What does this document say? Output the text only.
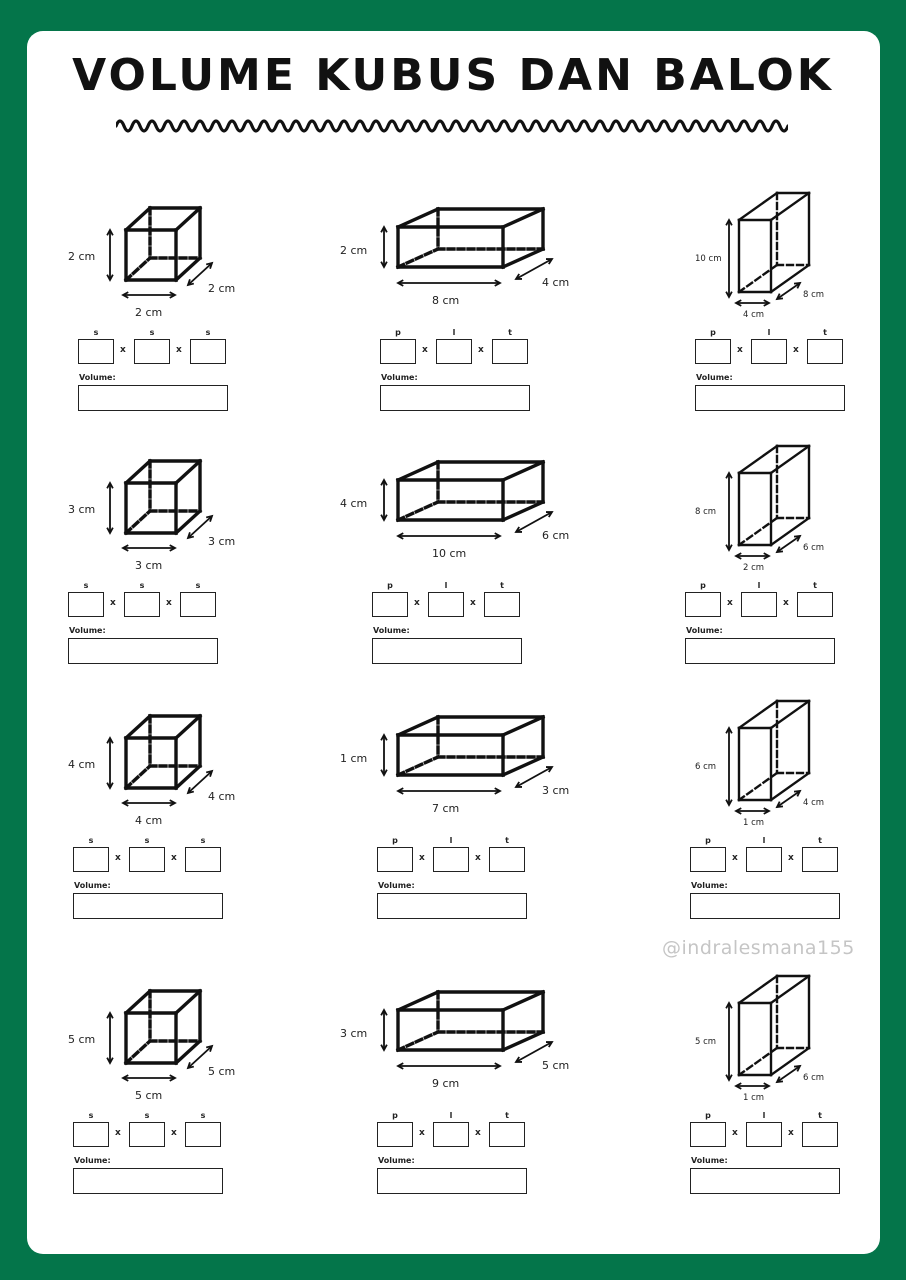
VOLUME KUBUS DAN BALOK
2 cm
2 cm
2 cm
s
x
s
x
s
Volume:
2 cm
4 cm
8 cm
p
x
l
x
t
Volume:
10 cm
8 cm
4 cm
p
x
l
x
t
Volume:
3 cm
3 cm
3 cm
s
x
s
x
s
Volume:
4 cm
6 cm
10 cm
p
x
l
x
t
Volume:
8 cm
6 cm
2 cm
p
x
l
x
t
Volume:
4 cm
4 cm
4 cm
s
x
s
x
s
Volume:
1 cm
3 cm
7 cm
p
x
l
x
t
Volume:
6 cm
4 cm
1 cm
p
x
l
x
t
Volume:
5 cm
5 cm
5 cm
s
x
s
x
s
Volume:
3 cm
5 cm
9 cm
p
x
l
x
t
Volume:
5 cm
6 cm
1 cm
p
x
l
x
t
Volume:
@indralesmana155
